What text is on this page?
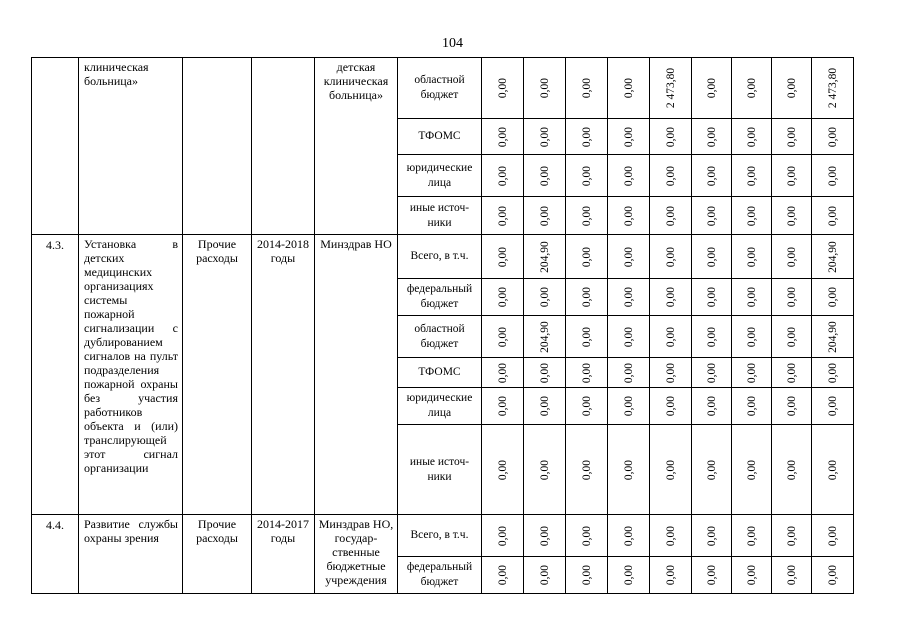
104
	клиническая больница»			детская клиническая больница»	областной бюджет	0,00	0,00	0,00	0,00	2 473,80	0,00	0,00	0,00	2 473,80

					ТФОМС	0,00	0,00	0,00	0,00	0,00	0,00	0,00	0,00	0,00

					юридические лица	0,00	0,00	0,00	0,00	0,00	0,00	0,00	0,00	0,00

					иные источ-ники	0,00	0,00	0,00	0,00	0,00	0,00	0,00	0,00	0,00

4.3.	Установка в детских медицинских организациях системы пожарной сигнализации с дублированием сигналов на пульт подразделения пожарной охраны без участия работников объекта и (или) транслирующей этот сигнал организации	Прочие расходы	2014-2018 годы	Минздрав НО	Всего, в т.ч.	0,00	204,90	0,00	0,00	0,00	0,00	0,00	0,00	204,90

					федеральный бюджет	0,00	0,00	0,00	0,00	0,00	0,00	0,00	0,00	0,00

					областной бюджет	0,00	204,90	0,00	0,00	0,00	0,00	0,00	0,00	204,90

					ТФОМС	0,00	0,00	0,00	0,00	0,00	0,00	0,00	0,00	0,00

					юридические лица	0,00	0,00	0,00	0,00	0,00	0,00	0,00	0,00	0,00

					иные источ-ники	0,00	0,00	0,00	0,00	0,00	0,00	0,00	0,00	0,00

4.4.	Развитие службы охраны зрения	Прочие расходы	2014-2017 годы	Минздрав НО, государ-ственные бюджетные учреждения	Всего, в т.ч.	0,00	0,00	0,00	0,00	0,00	0,00	0,00	0,00	0,00

					федеральный бюджет	0,00	0,00	0,00	0,00	0,00	0,00	0,00	0,00	0,00
